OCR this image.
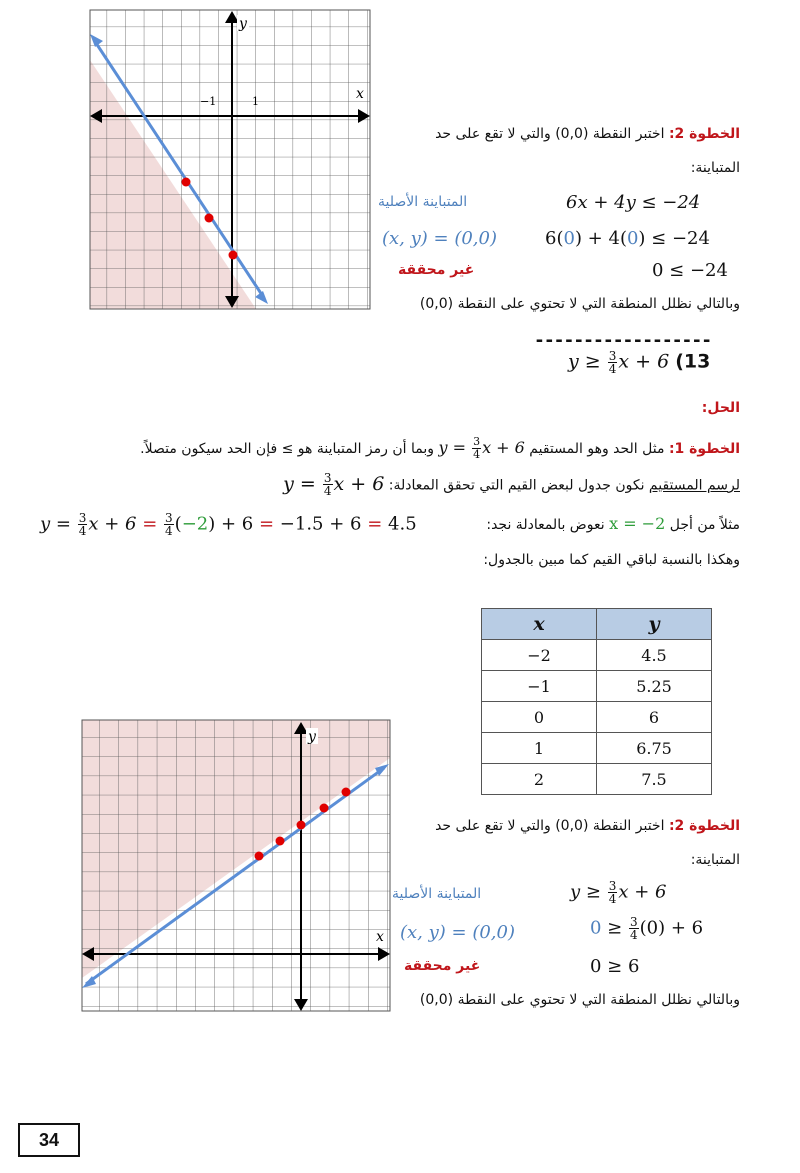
y
x
−1	1
الخطوة 2: اختبر النقطة (0,0) والتي لا تقع على حد
المتباينة:
المتباينة الأصلية	6x + 4y ≤ −24
(x, y) = (0,0)	6(0) + 4(0) ≤ −24
غير محققة	0 ≤ −24
وبالتالي نظلل المنطقة التي لا تحتوي على النقطة (0,0)
------------------
$y \ge \frac{3}{4}$ x + 6 (13
الحل:
الخطوة 1: مثل الحد وهو المستقيم $y = \frac{3}{4}$ x + 6 وبما أن رمز المتباينة هو ≥ فإن الحد سيكون متصلاً.
لرسم المستقيم نكون جدول لبعض القيم التي تحقق المعادلة: $y = \frac{3}{4}$ x + 6
$y = \frac{3}{4}$ $x + 6 = \frac{3}{4} (-2) + 6 = -1.5 + 6 = 4.5$	مثلاً من أجل x = −2 نعوض بالمعادلة نجد:
وهكذا بالنسبة لباقي القيم كما مبين بالجدول:
x	y
−2	4.5
−1	5.25
0	6
1	6.75
2	7.5
y
x
الخطوة 2: اختبر النقطة (0,0) والتي لا تقع على حد
المتباينة:
المتباينة الأصلية	$y \ge \frac{3}{4}$ x + 6
(x, y) = (0,0)	$0 \ge \frac{3}{4} (0) + 6$
غير محققة	0 ≥ 6
وبالتالي نظلل المنطقة التي لا تحتوي على النقطة (0,0)
34
